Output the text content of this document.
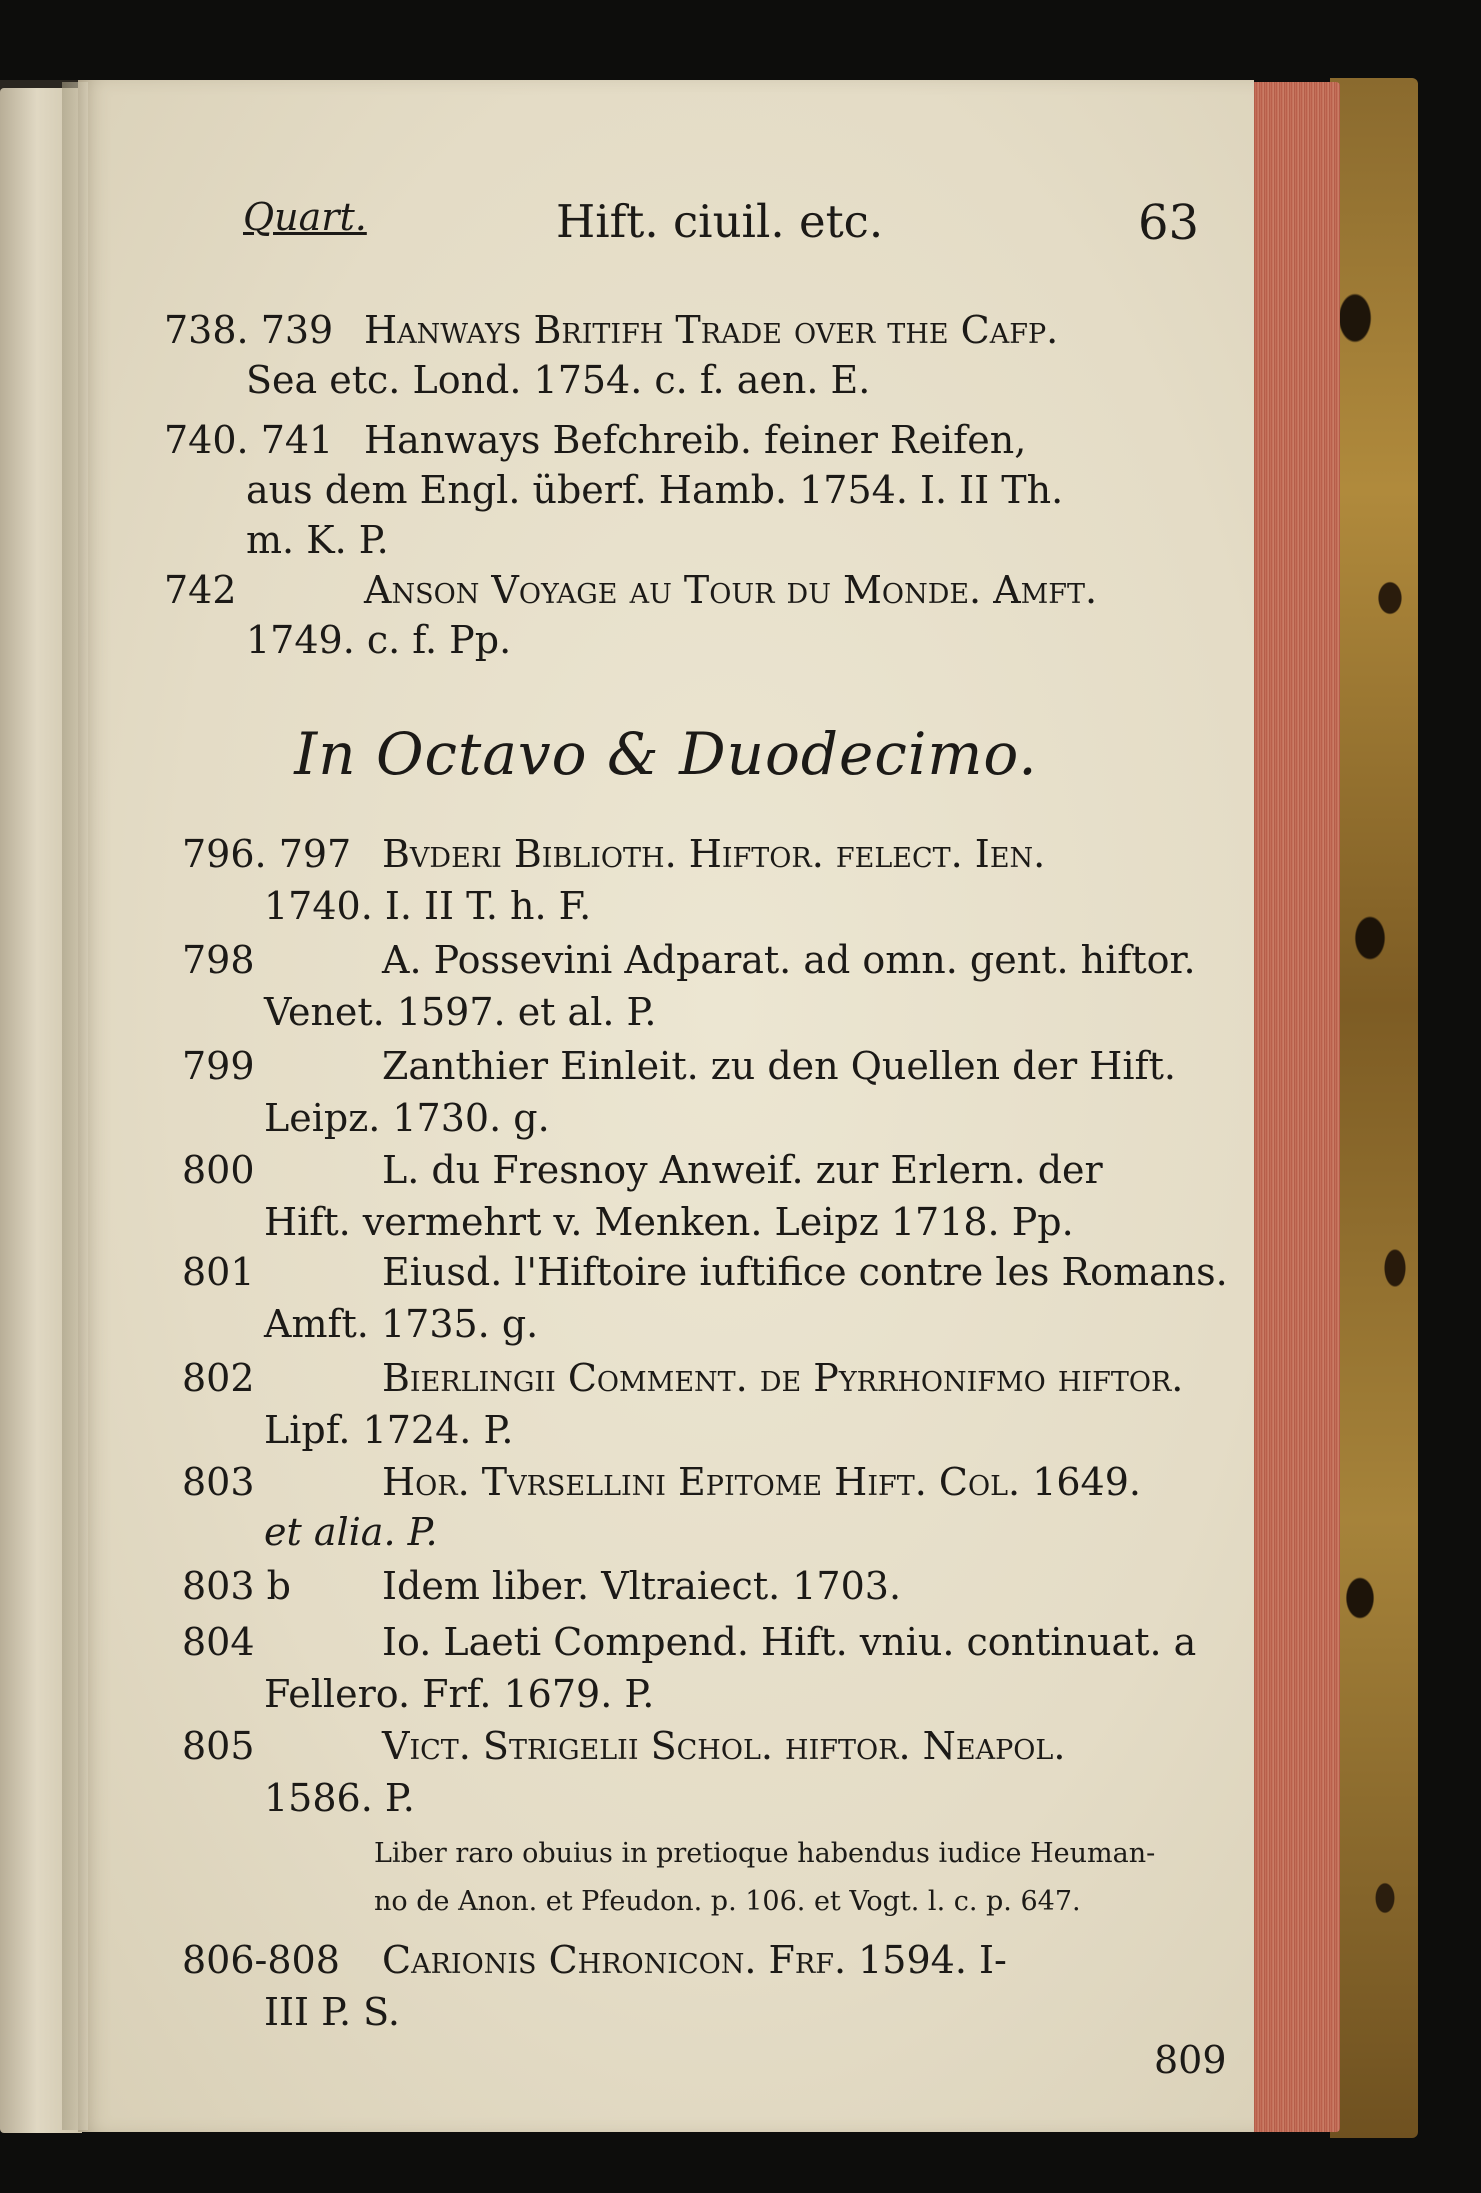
Quart.	Hift. ciuil. etc.	63
738. 739 Hanways Britifh Trade over the Cafp.
Sea etc. Lond. 1754. c. f. aen. E.
740. 741 Hanways Befchreib. feiner Reifen,
aus dem Engl. überf. Hamb. 1754. I. II Th.
m. K. P.
742	Anson Voyage au Tour du Monde. Amft.
1749. c. f. Pp.
In Octavo & Duodecimo.
796. 797 Bvderi Biblioth. Hiftor. felect. Ien.
1740. I. II T. h. F.
798	A. Possevini Adparat. ad omn. gent. hiftor.
Venet. 1597. et al. P.
799	Zanthier Einleit. zu den Quellen der Hift.
Leipz. 1730. g.
800	L. du Fresnoy Anweif. zur Erlern. der
Hift. vermehrt v. Menken. Leipz 1718. Pp.
801	Eiusd. l'Hiftoire iuftifice contre les Romans.
Amft. 1735. g.
802	Bierlingii Comment. de Pyrrhonifmo hiftor.
Lipf. 1724. P.
803	Hor. Tvrsellini Epitome Hift. Col. 1649.
et alia. P.
803 b Idem liber. Vltraiect. 1703.
804	Io. Laeti Compend. Hift. vniu. continuat. a
Fellero. Frf. 1679. P.
805	Vict. Strigelii Schol. hiftor. Neapol.
1586. P.
Liber raro obuius in pretioque habendus iudice Heuman-
no de Anon. et Pfeudon. p. 106. et Vogt. l. c. p. 647.
806-808 Carionis Chronicon. Frf. 1594. I-
III P. S.
809
